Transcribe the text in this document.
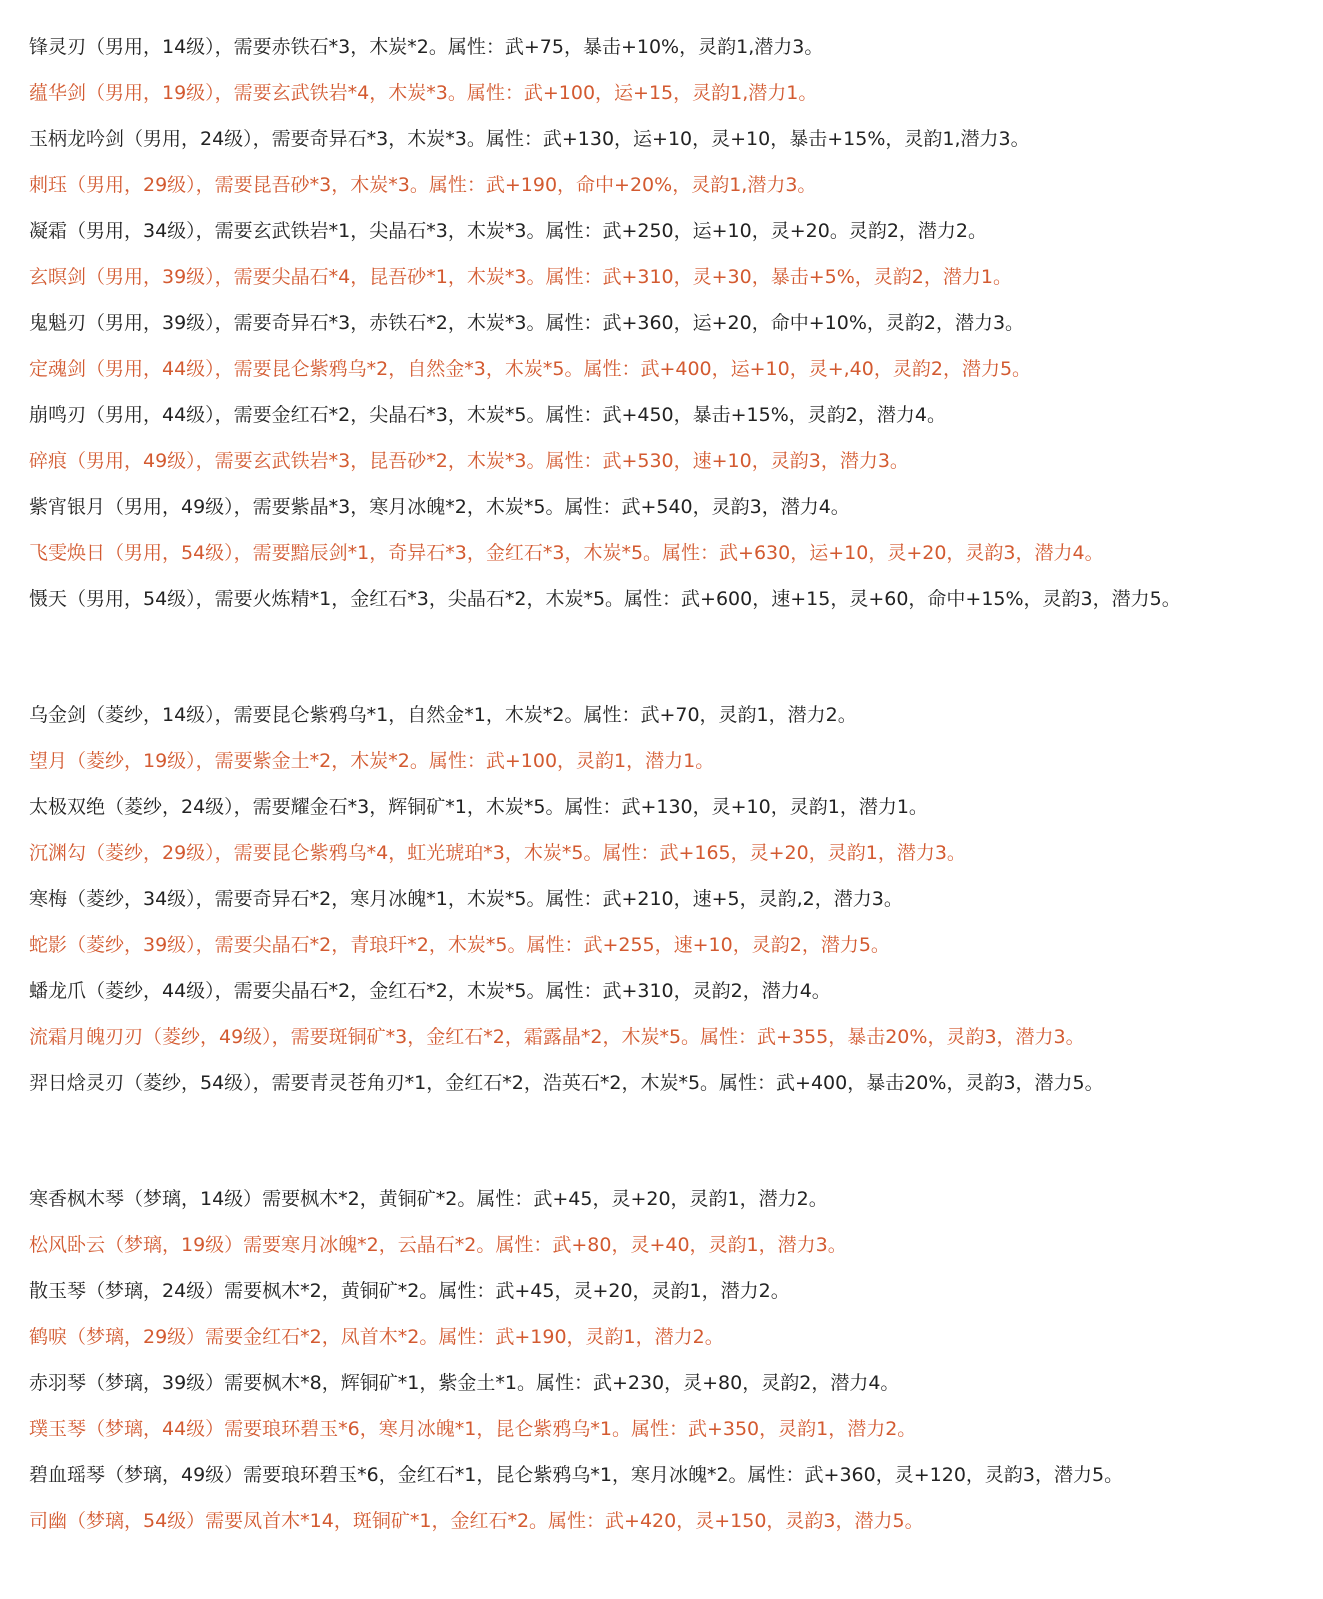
锋灵刃（男用，14级），需要赤铁石*3，木炭*2。属性：武+75，暴击+10%，灵韵1,潜力3。
蕴华剑（男用，19级），需要玄武铁岩*4，木炭*3。属性：武+100，运+15，灵韵1,潜力1。
玉柄龙吟剑（男用，24级），需要奇异石*3，木炭*3。属性：武+130，运+10，灵+10，暴击+15%，灵韵1,潜力3。
刺珏（男用，29级），需要昆吾砂*3，木炭*3。属性：武+190，命中+20%，灵韵1,潜力3。
凝霜（男用，34级），需要玄武铁岩*1，尖晶石*3，木炭*3。属性：武+250，运+10，灵+20。灵韵2，潜力2。
玄暝剑（男用，39级），需要尖晶石*4，昆吾砂*1，木炭*3。属性：武+310，灵+30，暴击+5%，灵韵2，潜力1。
鬼魁刃（男用，39级），需要奇异石*3，赤铁石*2，木炭*3。属性：武+360，运+20，命中+10%，灵韵2，潜力3。
定魂剑（男用，44级），需要昆仑紫鸦乌*2，自然金*3，木炭*5。属性：武+400，运+10，灵+,40，灵韵2，潜力5。
崩鸣刃（男用，44级），需要金红石*2，尖晶石*3，木炭*5。属性：武+450，暴击+15%，灵韵2，潜力4。
碎痕（男用，49级），需要玄武铁岩*3，昆吾砂*2，木炭*3。属性：武+530，速+10，灵韵3，潜力3。
紫宵银月（男用，49级），需要紫晶*3，寒月冰魄*2，木炭*5。属性：武+540，灵韵3，潜力4。
飞雯焕日（男用，54级），需要黯辰剑*1，奇异石*3，金红石*3，木炭*5。属性：武+630，运+10，灵+20，灵韵3，潜力4。
慑天（男用，54级），需要火炼精*1，金红石*3，尖晶石*2，木炭*5。属性：武+600，速+15，灵+60，命中+15%，灵韵3，潜力5。
乌金剑（菱纱，14级），需要昆仑紫鸦乌*1，自然金*1，木炭*2。属性：武+70，灵韵1，潜力2。
望月（菱纱，19级），需要紫金土*2，木炭*2。属性：武+100，灵韵1，潜力1。
太极双绝（菱纱，24级），需要耀金石*3，辉铜矿*1，木炭*5。属性：武+130，灵+10，灵韵1，潜力1。
沉渊勾（菱纱，29级），需要昆仑紫鸦乌*4，虹光琥珀*3，木炭*5。属性：武+165，灵+20，灵韵1，潜力3。
寒梅（菱纱，34级），需要奇异石*2，寒月冰魄*1，木炭*5。属性：武+210，速+5，灵韵,2，潜力3。
蛇影（菱纱，39级），需要尖晶石*2，青琅玕*2，木炭*5。属性：武+255，速+10，灵韵2，潜力5。
蟠龙爪（菱纱，44级），需要尖晶石*2，金红石*2，木炭*5。属性：武+310，灵韵2，潜力4。
流霜月魄刃刃（菱纱，49级），需要斑铜矿*3，金红石*2，霜露晶*2，木炭*5。属性：武+355，暴击20%，灵韵3，潜力3。
羿日焓灵刃（菱纱，54级），需要青灵苍角刃*1，金红石*2，浩英石*2，木炭*5。属性：武+400，暴击20%，灵韵3，潜力5。
寒香枫木琴（梦璃，14级）需要枫木*2，黄铜矿*2。属性：武+45，灵+20，灵韵1，潜力2。
松风卧云（梦璃，19级）需要寒月冰魄*2，云晶石*2。属性：武+80，灵+40，灵韵1，潜力3。
散玉琴（梦璃，24级）需要枫木*2，黄铜矿*2。属性：武+45，灵+20，灵韵1，潜力2。
鹤唳（梦璃，29级）需要金红石*2，凤首木*2。属性：武+190，灵韵1，潜力2。
赤羽琴（梦璃，39级）需要枫木*8，辉铜矿*1，紫金土*1。属性：武+230，灵+80，灵韵2，潜力4。
璞玉琴（梦璃，44级）需要琅环碧玉*6，寒月冰魄*1，昆仑紫鸦乌*1。属性：武+350，灵韵1，潜力2。
碧血瑶琴（梦璃，49级）需要琅环碧玉*6，金红石*1，昆仑紫鸦乌*1，寒月冰魄*2。属性：武+360，灵+120，灵韵3，潜力5。
司幽（梦璃，54级）需要凤首木*14，斑铜矿*1，金红石*2。属性：武+420，灵+150，灵韵3，潜力5。
